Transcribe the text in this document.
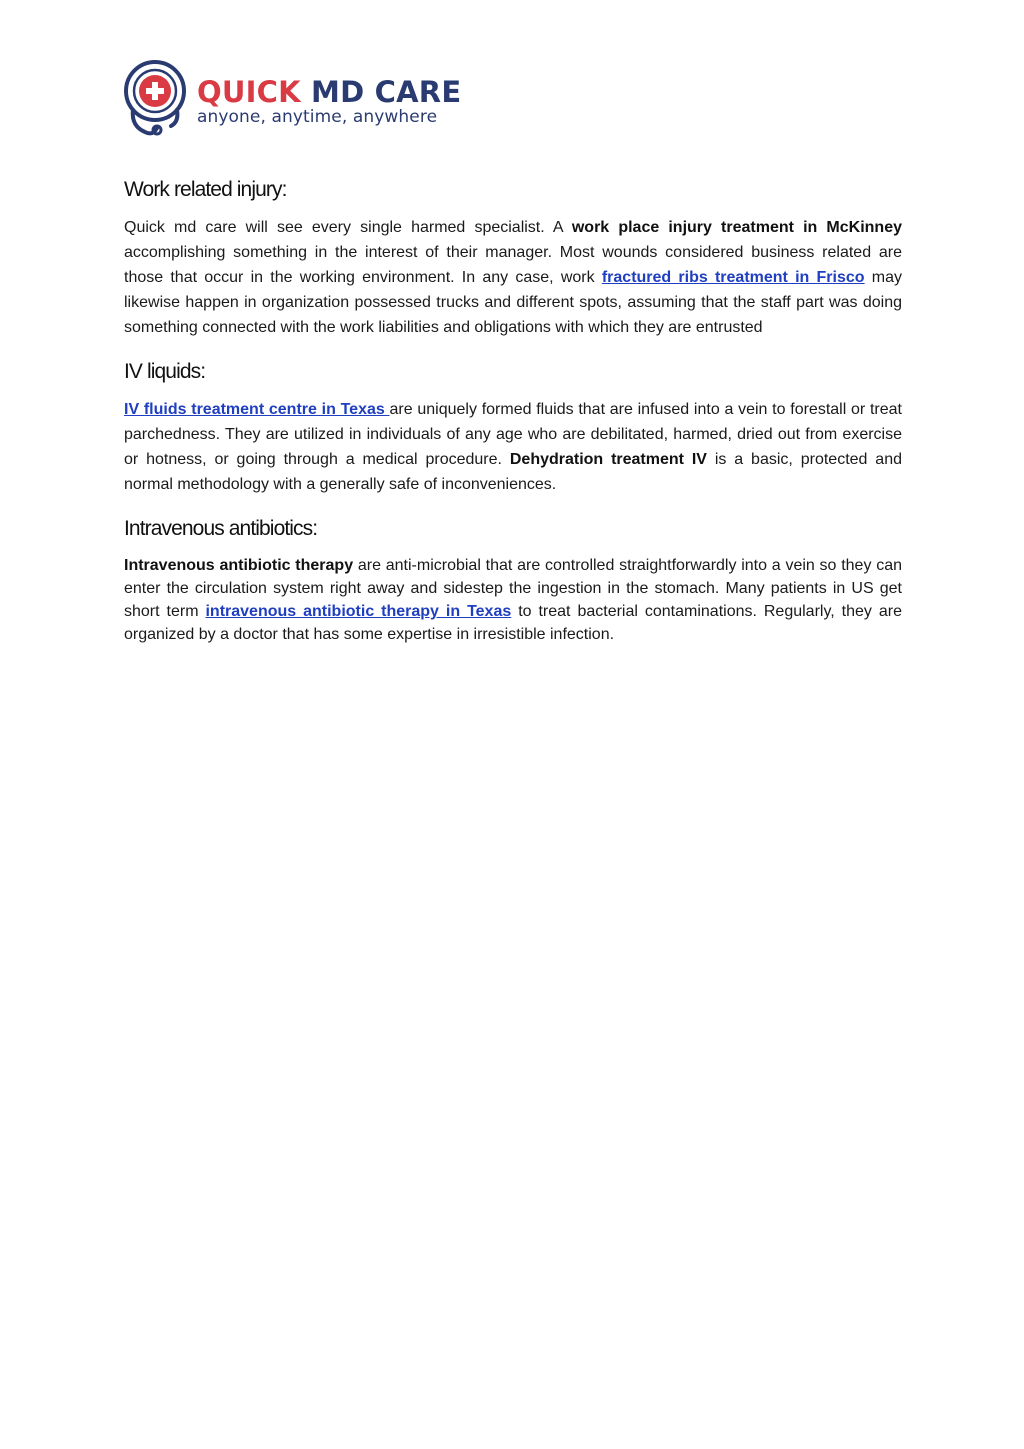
QUICK MD CARE
anyone, anytime, anywhere
Work related injury:

Quick md care will see every single harmed specialist. A work place injury treatment in McKinney accomplishing something in the interest of their manager. Most wounds considered business related are those that occur in the working environment. In any case, work fractured ribs treatment in Frisco may likewise happen in organization possessed trucks and different spots, assuming that the staff part was doing something connected with the work liabilities and obligations with which they are entrusted

IV liquids:

IV fluids treatment centre in Texas are uniquely formed fluids that are infused into a vein to forestall or treat parchedness. They are utilized in individuals of any age who are debilitated, harmed, dried out from exercise or hotness, or going through a medical procedure. Dehydration treatment IV is a basic, protected and normal methodology with a generally safe of inconveniences.

Intravenous antibiotics:

Intravenous antibiotic therapy are anti-microbial that are controlled straightforwardly into a vein so they can enter the circulation system right away and sidestep the ingestion in the stomach. Many patients in US get short term intravenous antibiotic therapy in Texas to treat bacterial contaminations. Regularly, they are organized by a doctor that has some expertise in irresistible infection.
